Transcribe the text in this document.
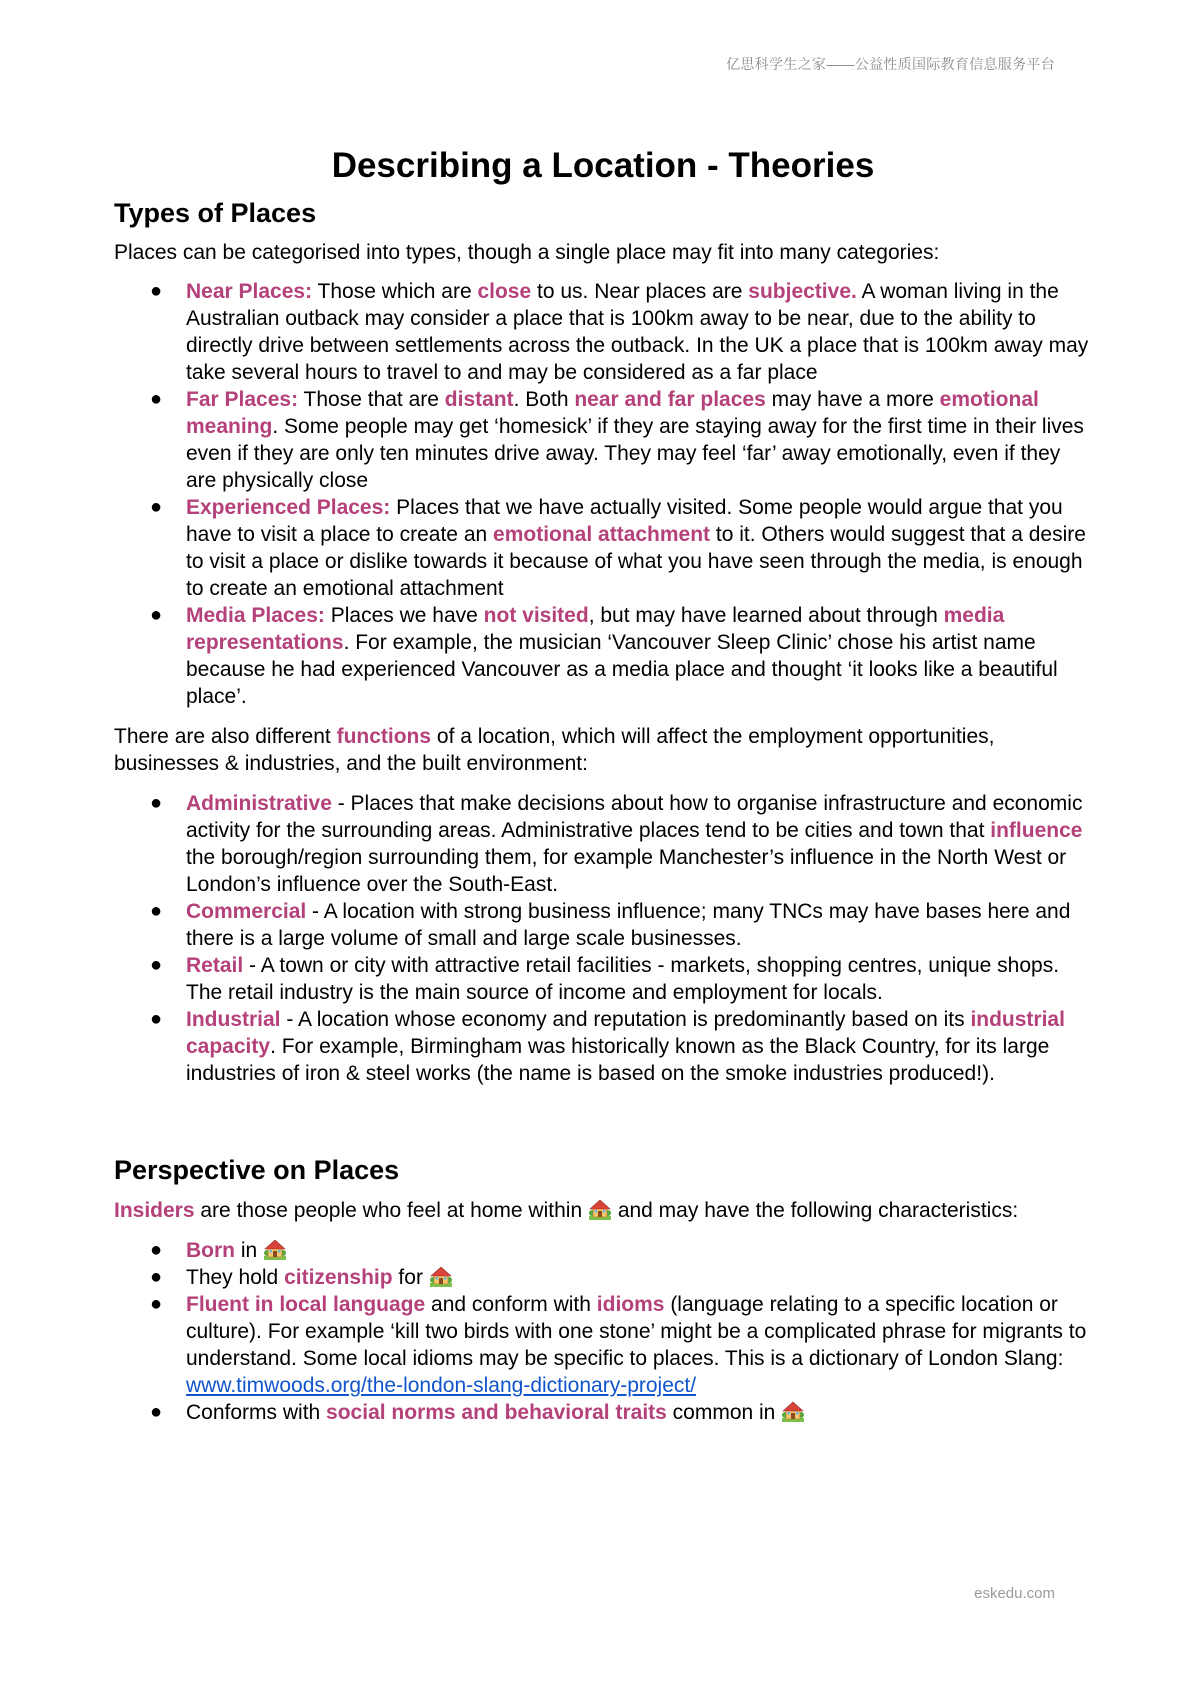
亿思科学生之家——公益性质国际教育信息服务平台
Describing a Location - Theories
Types of Places

Places can be categorised into types, though a single place may fit into many categories:

● Near Places: Those which are close to us. Near places are subjective. A woman living in the Australian outback may consider a place that is 100km away to be near, due to the ability to directly drive between settlements across the outback. In the UK a place that is 100km away may take several hours to travel to and may be considered as a far place
● Far Places: Those that are distant. Both near and far places may have a more emotional meaning. Some people may get ‘homesick’ if they are staying away for the first time in their lives even if they are only ten minutes drive away. They may feel ‘far’ away emotionally, even if they are physically close
● Experienced Places: Places that we have actually visited. Some people would argue that you have to visit a place to create an emotional attachment to it. Others would suggest that a desire to visit a place or dislike towards it because of what you have seen through the media, is enough to create an emotional attachment
● Media Places: Places we have not visited, but may have learned about through media representations. For example, the musician ‘Vancouver Sleep Clinic’ chose his artist name because he had experienced Vancouver as a media place and thought ‘it looks like a beautiful place’.

There are also different functions of a location, which will affect the employment opportunities, businesses & industries, and the built environment:

● Administrative - Places that make decisions about how to organise infrastructure and economic activity for the surrounding areas. Administrative places tend to be cities and town that influence the borough/region surrounding them, for example Manchester’s influence in the North West or London’s influence over the South-East.
● Commercial - A location with strong business influence; many TNCs may have bases here and there is a large volume of small and large scale businesses.
● Retail - A town or city with attractive retail facilities - markets, shopping centres, unique shops. The retail industry is the main source of income and employment for locals.
● Industrial - A location whose economy and reputation is predominantly based on its industrial capacity. For example, Birmingham was historically known as the Black Country, for its large industries of iron & steel works (the name is based on the smoke industries produced!).
Perspective on Places

Insiders are those people who feel at home within  and may have the following characteristics:

● Born in
● They hold citizenship for
● Fluent in local language and conform with idioms (language relating to a specific location or culture). For example ‘kill two birds with one stone’ might be a complicated phrase for migrants to understand. Some local idioms may be specific to places. This is a dictionary of London Slang: www.timwoods.org/the-london-slang-dictionary-project/
● Conforms with social norms and behavioral traits common in
eskedu.com
